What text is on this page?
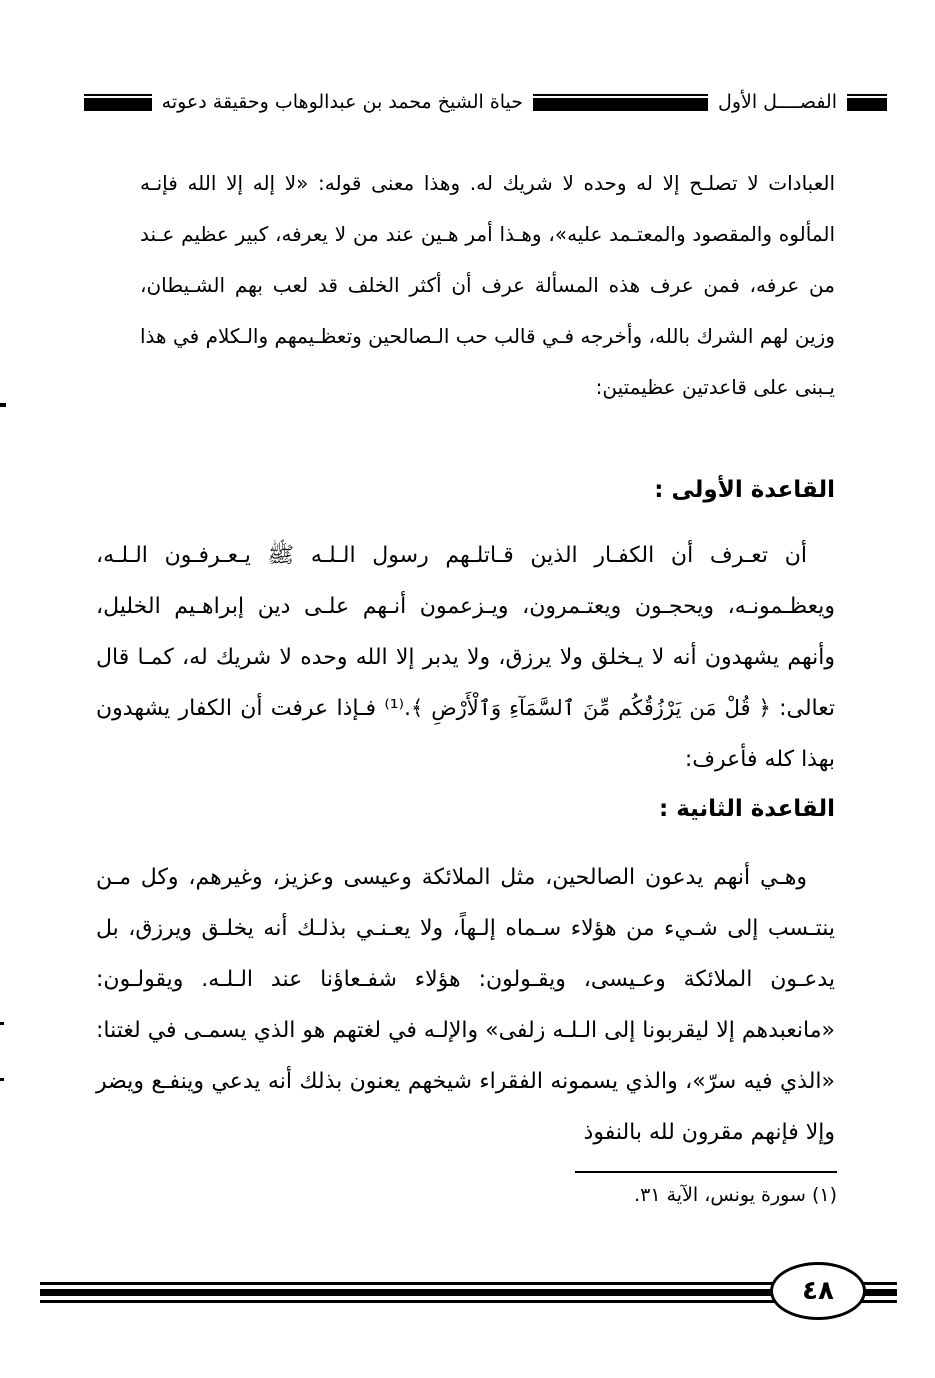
الفصــــل الأول
حياة الشيخ محمد بن عبدالوهاب وحقيقة دعوته
العبادات لا تصلـح إلا له وحده لا شريك له. وهذا معنى قوله: «لا إله إلا الله فإنـه المألوه والمقصود والمعتـمد عليه»، وهـذا أمر هـين عند من لا يعرفه، كبير عظيم عـند من عرفه، فمن عرف هذه المسألة عرف أن أكثر الخلف قد لعب بهم الشـيطان، وزين لهم الشرك بالله، وأخرجه فـي قالب حب الـصالحين وتعظـيمهم والـكلام في هذا يـبنى على قاعدتين عظيمتين:
القاعدة الأولى :
أن تعـرف أن الكفـار الذين قـاتلـهم رسول الـلـه ﷺ يـعـرفـون الـلـه، ويعظـمونـه، ويحجـون ويعتـمرون، ويـزعمون أنـهم علـى دين إبراهـيم الخليل، وأنهم يشهدون أنه لا يـخلق ولا يرزق، ولا يدبر إلا الله وحده لا شريك له، كمـا قال تعالى: ﴿ قُلْ مَن يَرْزُقُكُم مِّنَ ٱلسَّمَآءِ وَٱلْأَرْضِ ﴾.⁽¹⁾ فـإذا عرفت أن الكفار يشهدون بهذا كله فأعرف:
القاعدة الثانية :
وهـي أنهم يدعون الصالحين، مثل الملائكة وعيسى وعزيز، وغيرهم، وكل مـن ينتـسب إلى شـيء من هؤلاء سـماه إلـهاً، ولا يعـنـي بذلـك أنه يخلـق ويرزق، بل يدعـون الملائكة وعـيسى، ويقـولون: هؤلاء شفـعاؤنا عند الـلـه. ويقولـون: «مانعبدهم إلا ليقربونا إلى الـلـه زلفى» والإلـه في لغتهم هو الذي يسمـى في لغتنا: «الذي فيه سرّ»، والذي يسمونه الفقراء شيخهم يعنون بذلك أنه يدعي وينفـع ويضر وإلا فإنهم مقرون لله بالنفوذ
(١) سورة يونس، الآية ٣١.
٤٨
